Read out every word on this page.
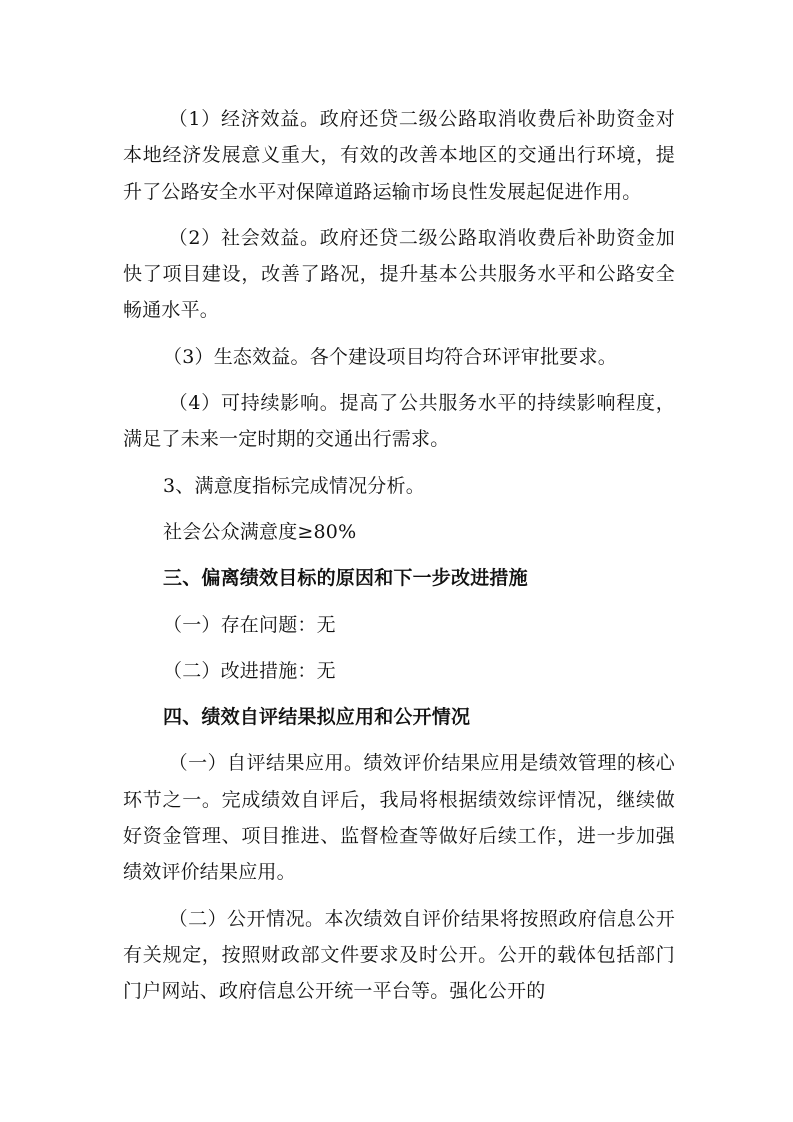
（1）经济效益。政府还贷二级公路取消收费后补助资金对本地经济发展意义重大，有效的改善本地区的交通出行环境，提升了公路安全水平对保障道路运输市场良性发展起促进作用。

（2）社会效益。政府还贷二级公路取消收费后补助资金加快了项目建设，改善了路况，提升基本公共服务水平和公路安全畅通水平。

（3）生态效益。各个建设项目均符合环评审批要求。

（4）可持续影响。提高了公共服务水平的持续影响程度，满足了未来一定时期的交通出行需求。

3、满意度指标完成情况分析。

社会公众满意度≥80%

三、偏离绩效目标的原因和下一步改进措施

（一）存在问题：无

（二）改进措施：无

四、绩效自评结果拟应用和公开情况

（一）自评结果应用。绩效评价结果应用是绩效管理的核心环节之一。完成绩效自评后，我局将根据绩效综评情况，继续做好资金管理、项目推进、监督检查等做好后续工作，进一步加强绩效评价结果应用。

（二）公开情况。本次绩效自评价结果将按照政府信息公开有关规定，按照财政部文件要求及时公开。公开的载体包括部门门户网站、政府信息公开统一平台等。强化公开的
